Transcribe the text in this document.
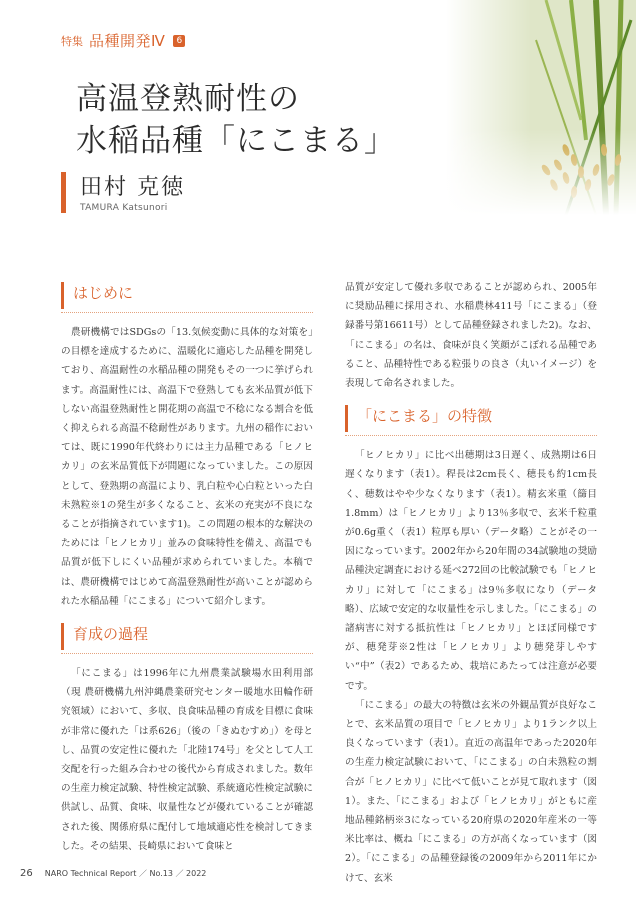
特集 品種開発Ⅳ	6
高温登熟耐性の
水稲品種「にこまる」
田村 克徳
TAMURA Katsunori
はじめに

農研機構ではSDGsの「13.気候変動に具体的な対策を」の目標を達成するために、温暖化に適応した品種を開発しており、高温耐性の水稲品種の開発もその一つに挙げられます。高温耐性には、高温下で登熟しても玄米品質が低下しない高温登熟耐性と開花期の高温で不稔になる割合を低く抑えられる高温不稔耐性があります。九州の稲作においては、既に1990年代終わりには主力品種である「ヒノヒカリ」の玄米品質低下が問題になっていました。この原因として、登熟期の高温により、乳白粒や心白粒といった白未熟粒※1の発生が多くなること、玄米の充実が不良になることが指摘されています1)。この問題の根本的な解決のためには「ヒノヒカリ」並みの食味特性を備え、高温でも品質が低下しにくい品種が求められていました。本稿では、農研機構ではじめて高温登熟耐性が高いことが認められた水稲品種「にこまる」について紹介します。

育成の過程

「にこまる」は1996年に九州農業試験場水田利用部（現 農研機構九州沖縄農業研究センター暖地水田輪作研究領域）において、多収、良食味品種の育成を目標に食味が非常に優れた「は系626」（後の「きぬむすめ」）を母とし、品質の安定性に優れた「北陸174号」を父として人工交配を行った組み合わせの後代から育成されました。数年の生産力検定試験、特性検定試験、系統適応性検定試験に供試し、品質、食味、収量性などが優れていることが確認された後、関係府県に配付して地域適応性を検討してきました。その結果、長崎県において食味と

品質が安定して優れ多収であることが認められ、2005年に奨励品種に採用され、水稲農林411号「にこまる」（登録番号第16611号）として品種登録されました2)。なお、「にこまる」の名は、食味が良く笑顔がこぼれる品種であること、品種特性である粒張りの良さ（丸いイメージ）を表現して命名されました。

「にこまる」の特徴

「ヒノヒカリ」に比べ出穂期は3日遅く、成熟期は6日遅くなります（表1）。稈長は2cm長く、穂長も約1cm長く、穂数はやや少なくなります（表1）。精玄米重（篩目1.8mm）は「ヒノヒカリ」より13％多収で、玄米千粒重が0.6g重く（表1）粒厚も厚い（データ略）ことがその一因になっています。2002年から20年間の34試験地の奨励品種決定調査における延べ272回の比較試験でも「ヒノヒカリ」に対して「にこまる」は9％多収になり（データ略）、広域で安定的な収量性を示しました。「にこまる」の諸病害に対する抵抗性は「ヒノヒカリ」とほぼ同様ですが、穂発芽※2性は「ヒノヒカリ」より穂発芽しやすい“中”（表2）であるため、栽培にあたっては注意が必要です。

「にこまる」の最大の特徴は玄米の外観品質が良好なことで、玄米品質の項目で「ヒノヒカリ」より1ランク以上良くなっています（表1）。直近の高温年であった2020年の生産力検定試験において、「にこまる」の白未熟粒の割合が「ヒノヒカリ」に比べて低いことが見て取れます（図1）。また、「にこまる」および「ヒノヒカリ」がともに産地品種銘柄※3になっている20府県の2020年産米の一等米比率は、概ね「にこまる」の方が高くなっています（図2）。「にこまる」の品種登録後の2009年から2011年にかけて、玄米

26 NARO Technical Report ／ No.13 ／ 2022
